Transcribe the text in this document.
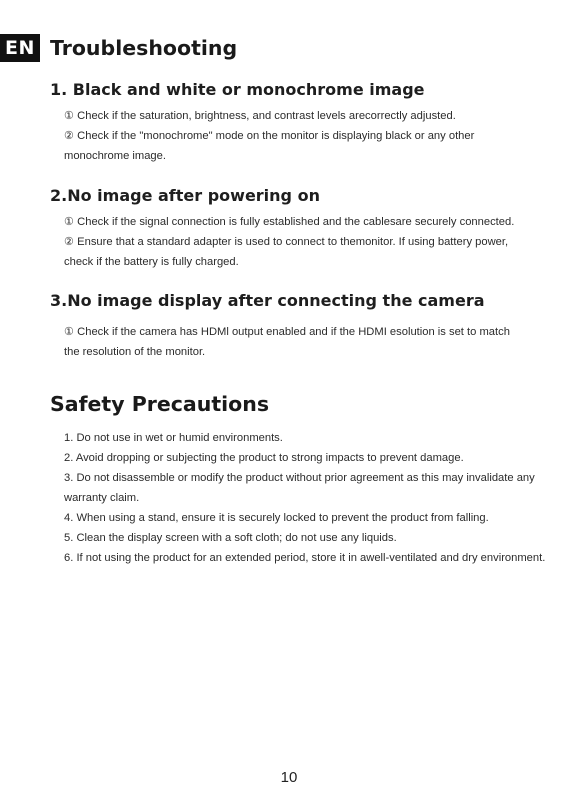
EN Troubleshooting
1. Black and white or monochrome image

① Check if the saturation, brightness, and contrast levels arecorrectly adjusted.

② Check if the "monochrome" mode on the monitor is displaying black or any other

monochrome image.

2.No image after powering on

① Check if the signal connection is fully established and the cablesare securely connected.

② Ensure that a standard adapter is used to connect to themonitor. If using battery power,

check if the battery is fully charged.

3.No image display after connecting the camera

① Check if the camera has HDMl output enabled and if the HDMI esolution is set to match

the resolution of the monitor.

Safety Precautions

1. Do not use in wet or humid environments.

2. Avoid dropping or subjecting the product to strong impacts to prevent damage.

3. Do not disassemble or modify the product without prior agreement as this may invalidate any

warranty claim.

4. When using a stand, ensure it is securely locked to prevent the product from falling.

5. Clean the display screen with a soft cloth; do not use any liquids.

6. If not using the product for an extended period, store it in awell-ventilated and dry environment.

10
